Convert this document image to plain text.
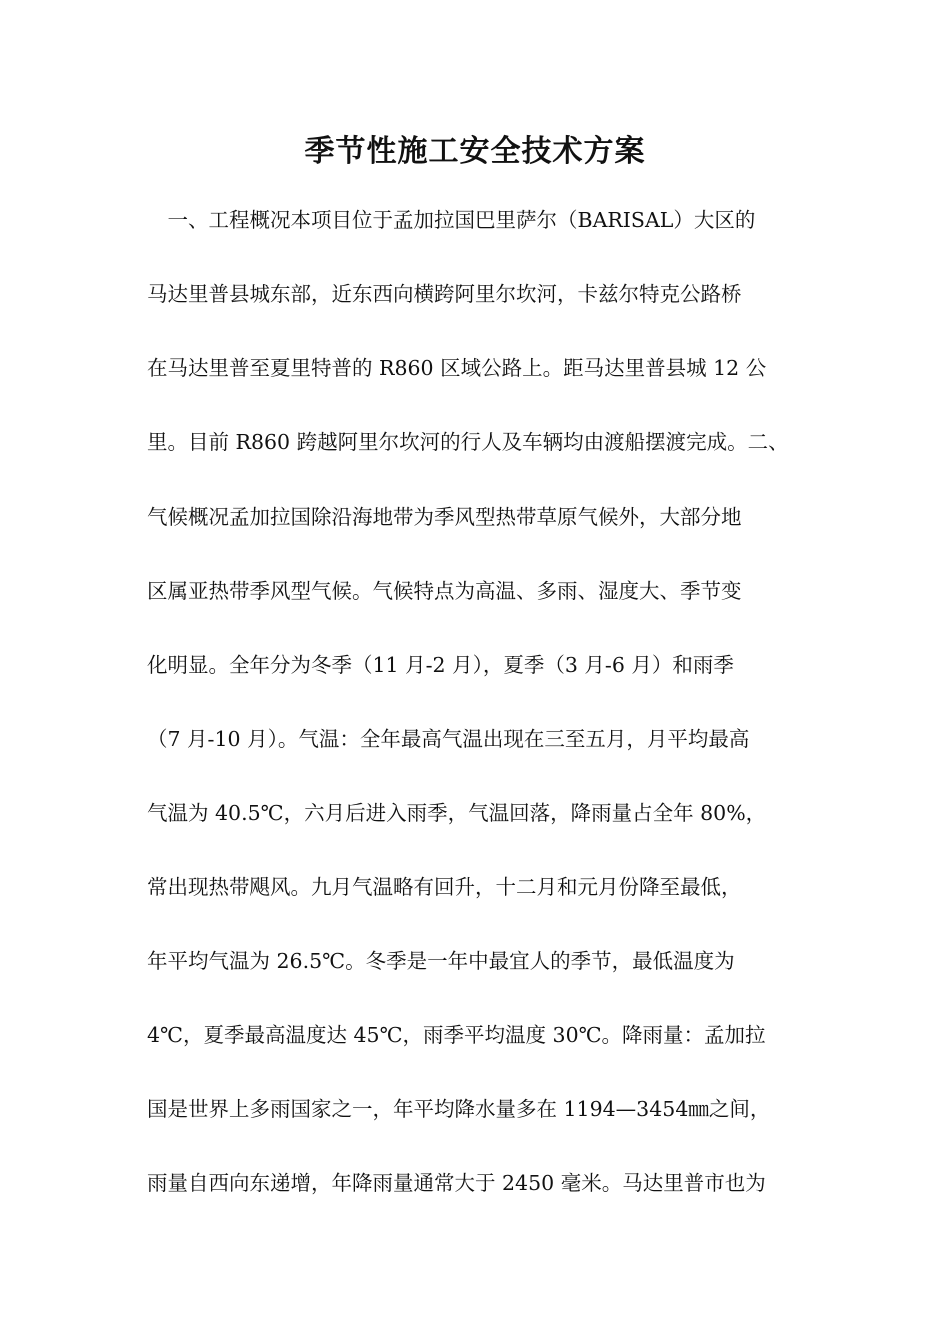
季节性施工安全技术方案
　一、工程概况本项目位于孟加拉国巴里萨尔（BARISAL）大区的
马达里普县城东部，近东西向横跨阿里尔坎河，卡兹尔特克公路桥
在马达里普至夏里特普的 R860 区域公路上。距马达里普县城 12 公
里。目前 R860 跨越阿里尔坎河的行人及车辆均由渡船摆渡完成。二、
气候概况孟加拉国除沿海地带为季风型热带草原气候外，大部分地
区属亚热带季风型气候。气候特点为高温、多雨、湿度大、季节变
化明显。全年分为冬季（11 月-2 月），夏季（3 月-6 月）和雨季
（7 月-10 月）。气温：全年最高气温出现在三至五月，月平均最高
气温为 40.5℃，六月后进入雨季，气温回落，降雨量占全年 80%，
常出现热带飓风。九月气温略有回升，十二月和元月份降至最低，
年平均气温为 26.5℃。冬季是一年中最宜人的季节，最低温度为
4℃，夏季最高温度达 45℃，雨季平均温度 30℃。降雨量：孟加拉
国是世界上多雨国家之一，年平均降水量多在 1194—3454㎜之间，
雨量自西向东递增，年降雨量通常大于 2450 毫米。马达里普市也为
